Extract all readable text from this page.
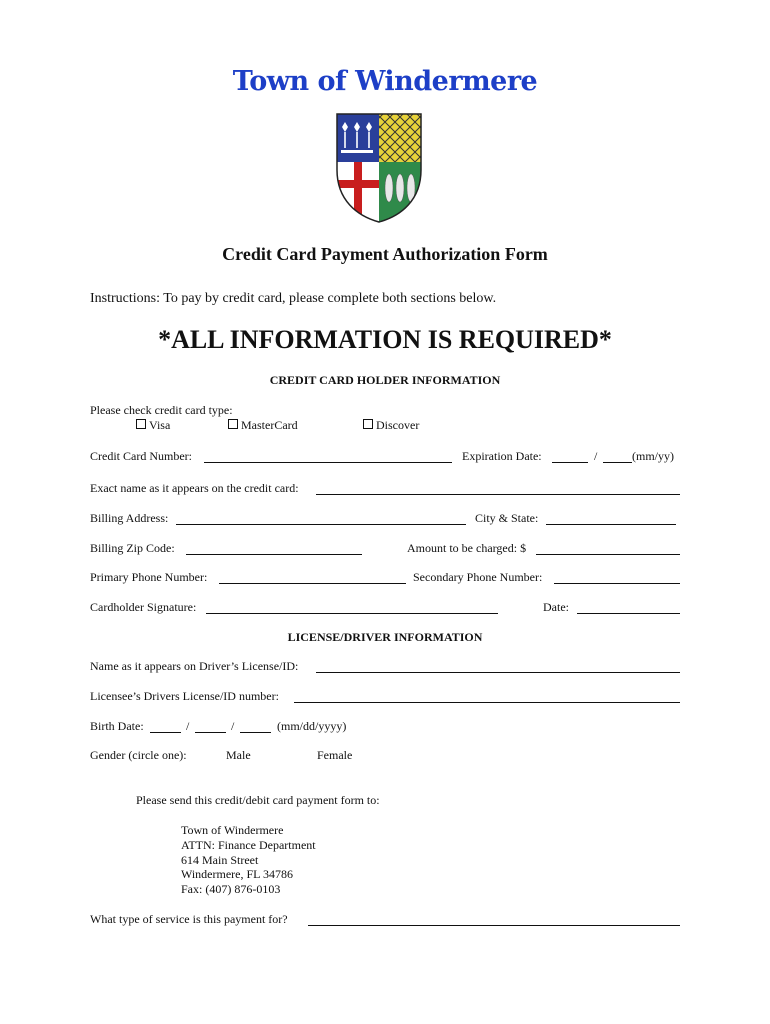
Town of Windermere
Credit Card Payment Authorization Form
Instructions: To pay by credit card, please complete both sections below.
*ALL INFORMATION IS REQUIRED*
CREDIT CARD HOLDER INFORMATION
Please check credit card type:
Visa	MasterCard	Discover
Credit Card Number:	Expiration Date:	/	(mm/yy)
Exact name as it appears on the credit card:
Billing Address:	City & State:
Billing Zip Code:	Amount to be charged: $
Primary Phone Number:	Secondary Phone Number:
Cardholder Signature:	Date:
LICENSE/DRIVER INFORMATION
Name as it appears on Driver’s License/ID:
Licensee’s Drivers License/ID number:
Birth Date:	/	/	(mm/dd/yyyy)
Gender (circle one):	Male	Female
Please send this credit/debit card payment form to:
Town of Windermere
ATTN: Finance Department
614 Main Street
Windermere, FL 34786
Fax: (407) 876-0103
What type of service is this payment for?
